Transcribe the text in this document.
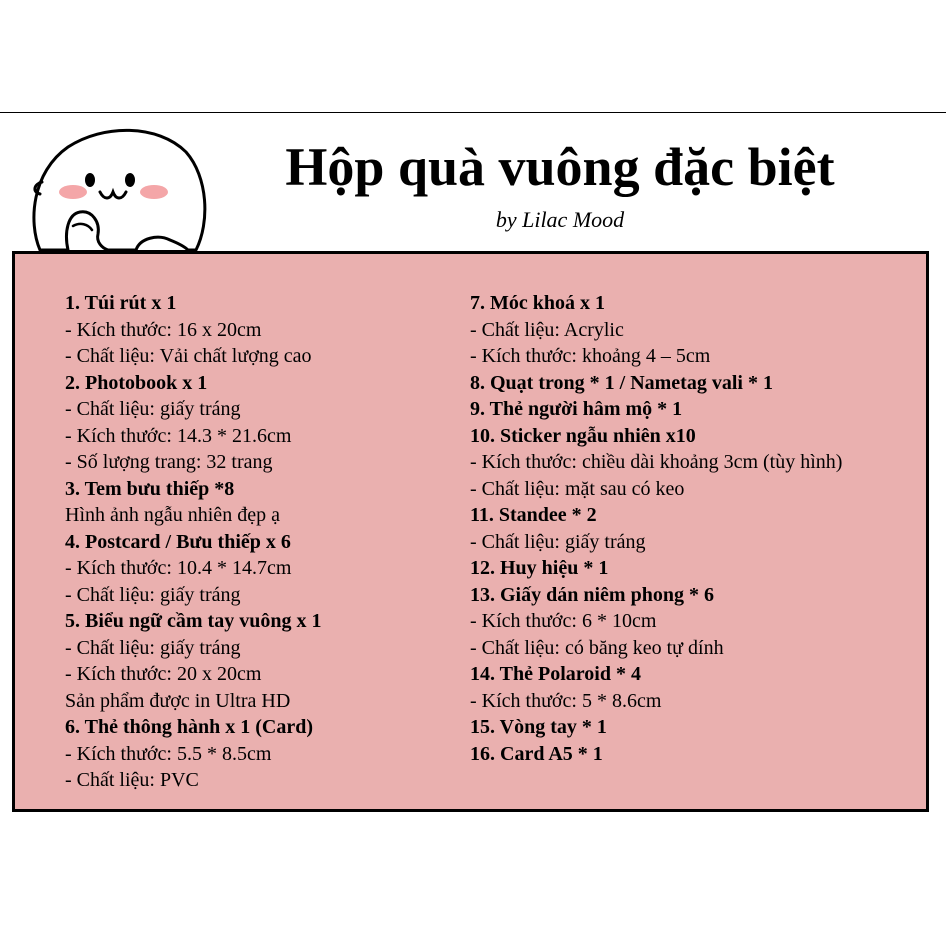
Hộp quà vuông đặc biệt
by Lilac Mood
1. Túi rút x 1
- Kích thước: 16 x 20cm
- Chất liệu: Vải chất lượng cao
2. Photobook x 1
- Chất liệu: giấy tráng
- Kích thước: 14.3 * 21.6cm
- Số lượng trang: 32 trang
3. Tem bưu thiếp *8
Hình ảnh ngẫu nhiên đẹp ạ
4. Postcard / Bưu thiếp x 6
- Kích thước: 10.4 * 14.7cm
- Chất liệu: giấy tráng
5. Biểu ngữ cầm tay vuông x 1
- Chất liệu: giấy tráng
- Kích thước: 20 x 20cm
Sản phẩm được in Ultra HD
6. Thẻ thông hành x 1 (Card)
- Kích thước: 5.5 * 8.5cm
- Chất liệu: PVC
7. Móc khoá x 1
- Chất liệu: Acrylic
- Kích thước: khoảng 4 – 5cm
8. Quạt trong * 1 / Nametag vali * 1
9. Thẻ người hâm mộ * 1
10. Sticker ngẫu nhiên x10
- Kích thước: chiều dài khoảng 3cm (tùy hình)
- Chất liệu: mặt sau có keo
11. Standee * 2
- Chất liệu: giấy tráng
12. Huy hiệu * 1
13. Giấy dán niêm phong * 6
- Kích thước: 6 * 10cm
- Chất liệu: có băng keo tự dính
14. Thẻ Polaroid * 4
- Kích thước: 5 * 8.6cm
15. Vòng tay * 1
16. Card A5 * 1
